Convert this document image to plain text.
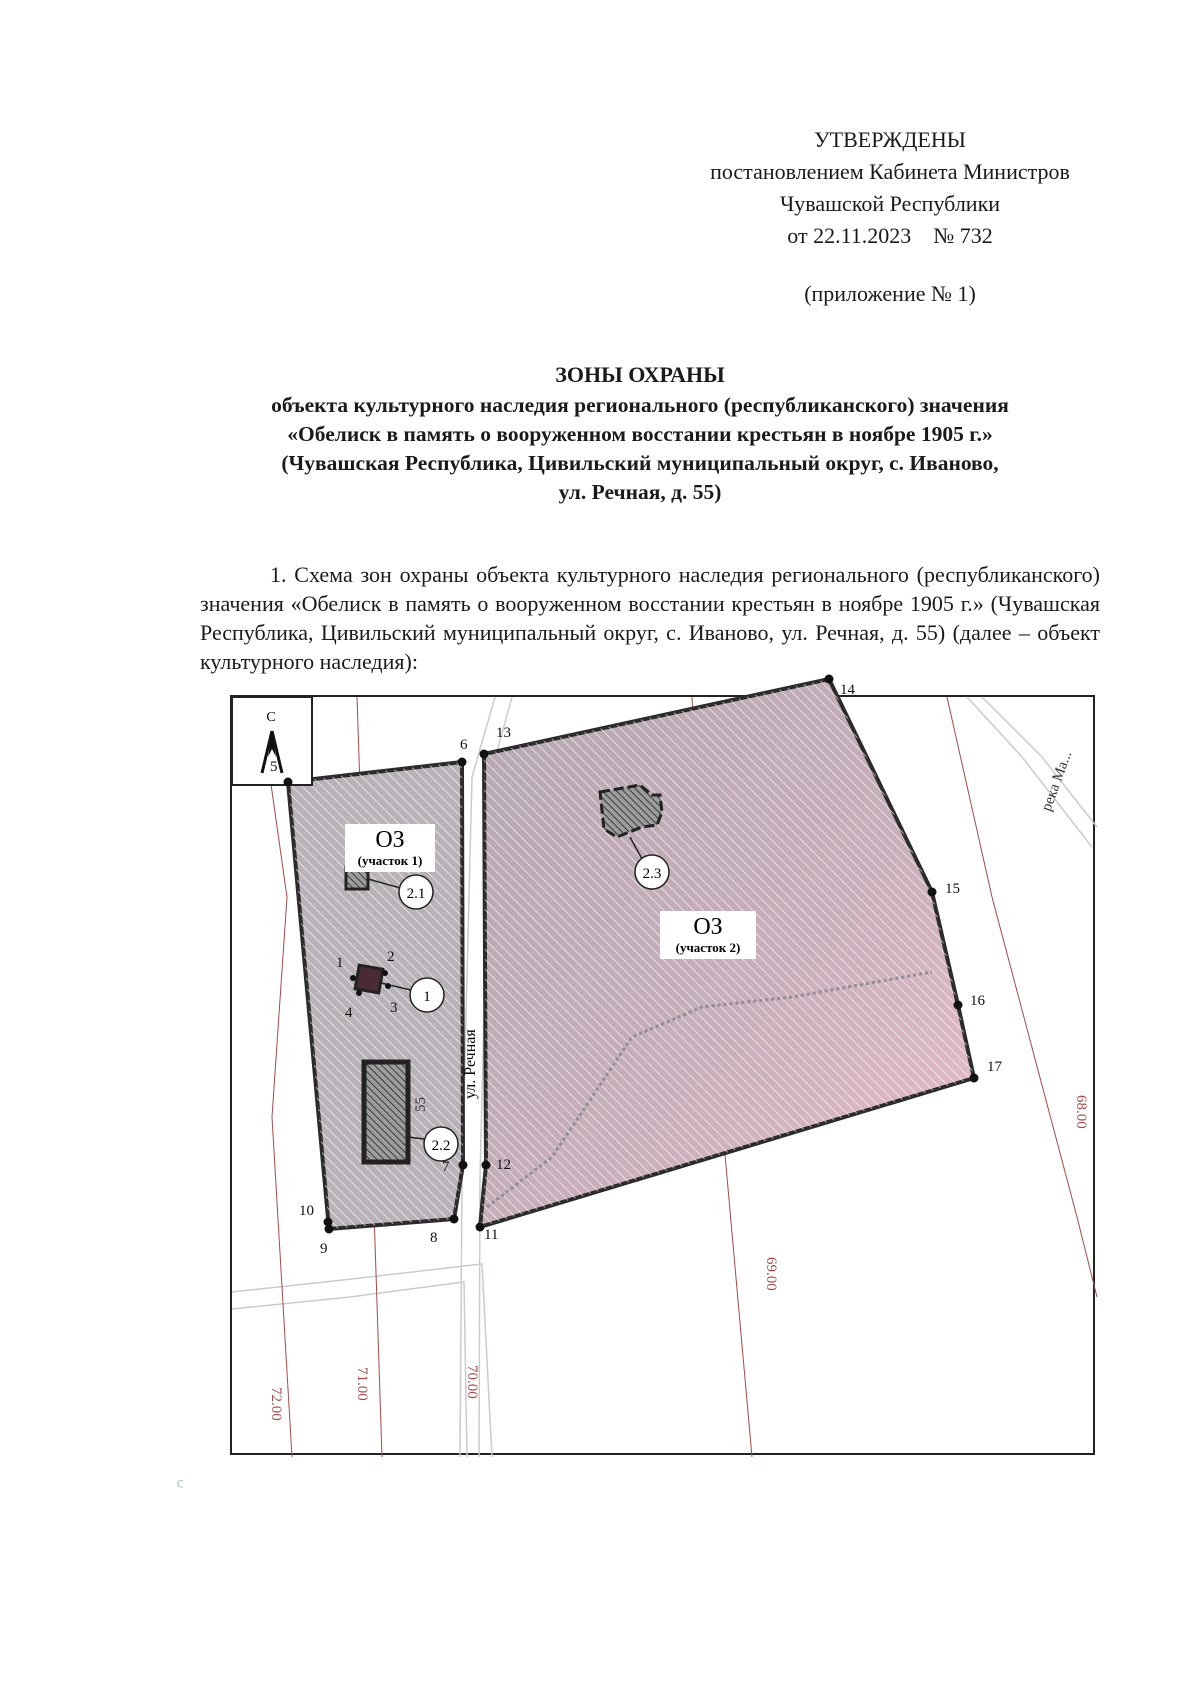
УТВЕРЖДЕНЫ
постановлением Кабинета Министров
Чувашской Республики
от 22.11.2023    № 732
(приложение № 1)
ЗОНЫ ОХРАНЫ
объекта культурного наследия регионального (республиканского) значения
«Обелиск в память о вооруженном восстании крестьян в ноябре 1905 г.»
(Чувашская Республика, Цивильский муниципальный округ, с. Иваново,
ул. Речная, д. 55)
1. Схема зон охраны объекта культурного наследия регионального (республиканского) значения «Обелиск в память о вооруженном восстании крестьян в ноябре 1905 г.» (Чувашская Республика, Цивильский муниципальный округ, с. Иваново, ул. Речная, д. 55) (далее – объект культурного наследия):
2.1
1
2.2
2.3
ОЗ
(участок 1)
ОЗ
(участок 2)
ул. Речная
река Ма...
55
72.00
71.00	70.00
69.00
68.00
С
5
6
7
8
9
10
11
12
13
14
15
16
17
1	2
3
4
ᑦ
